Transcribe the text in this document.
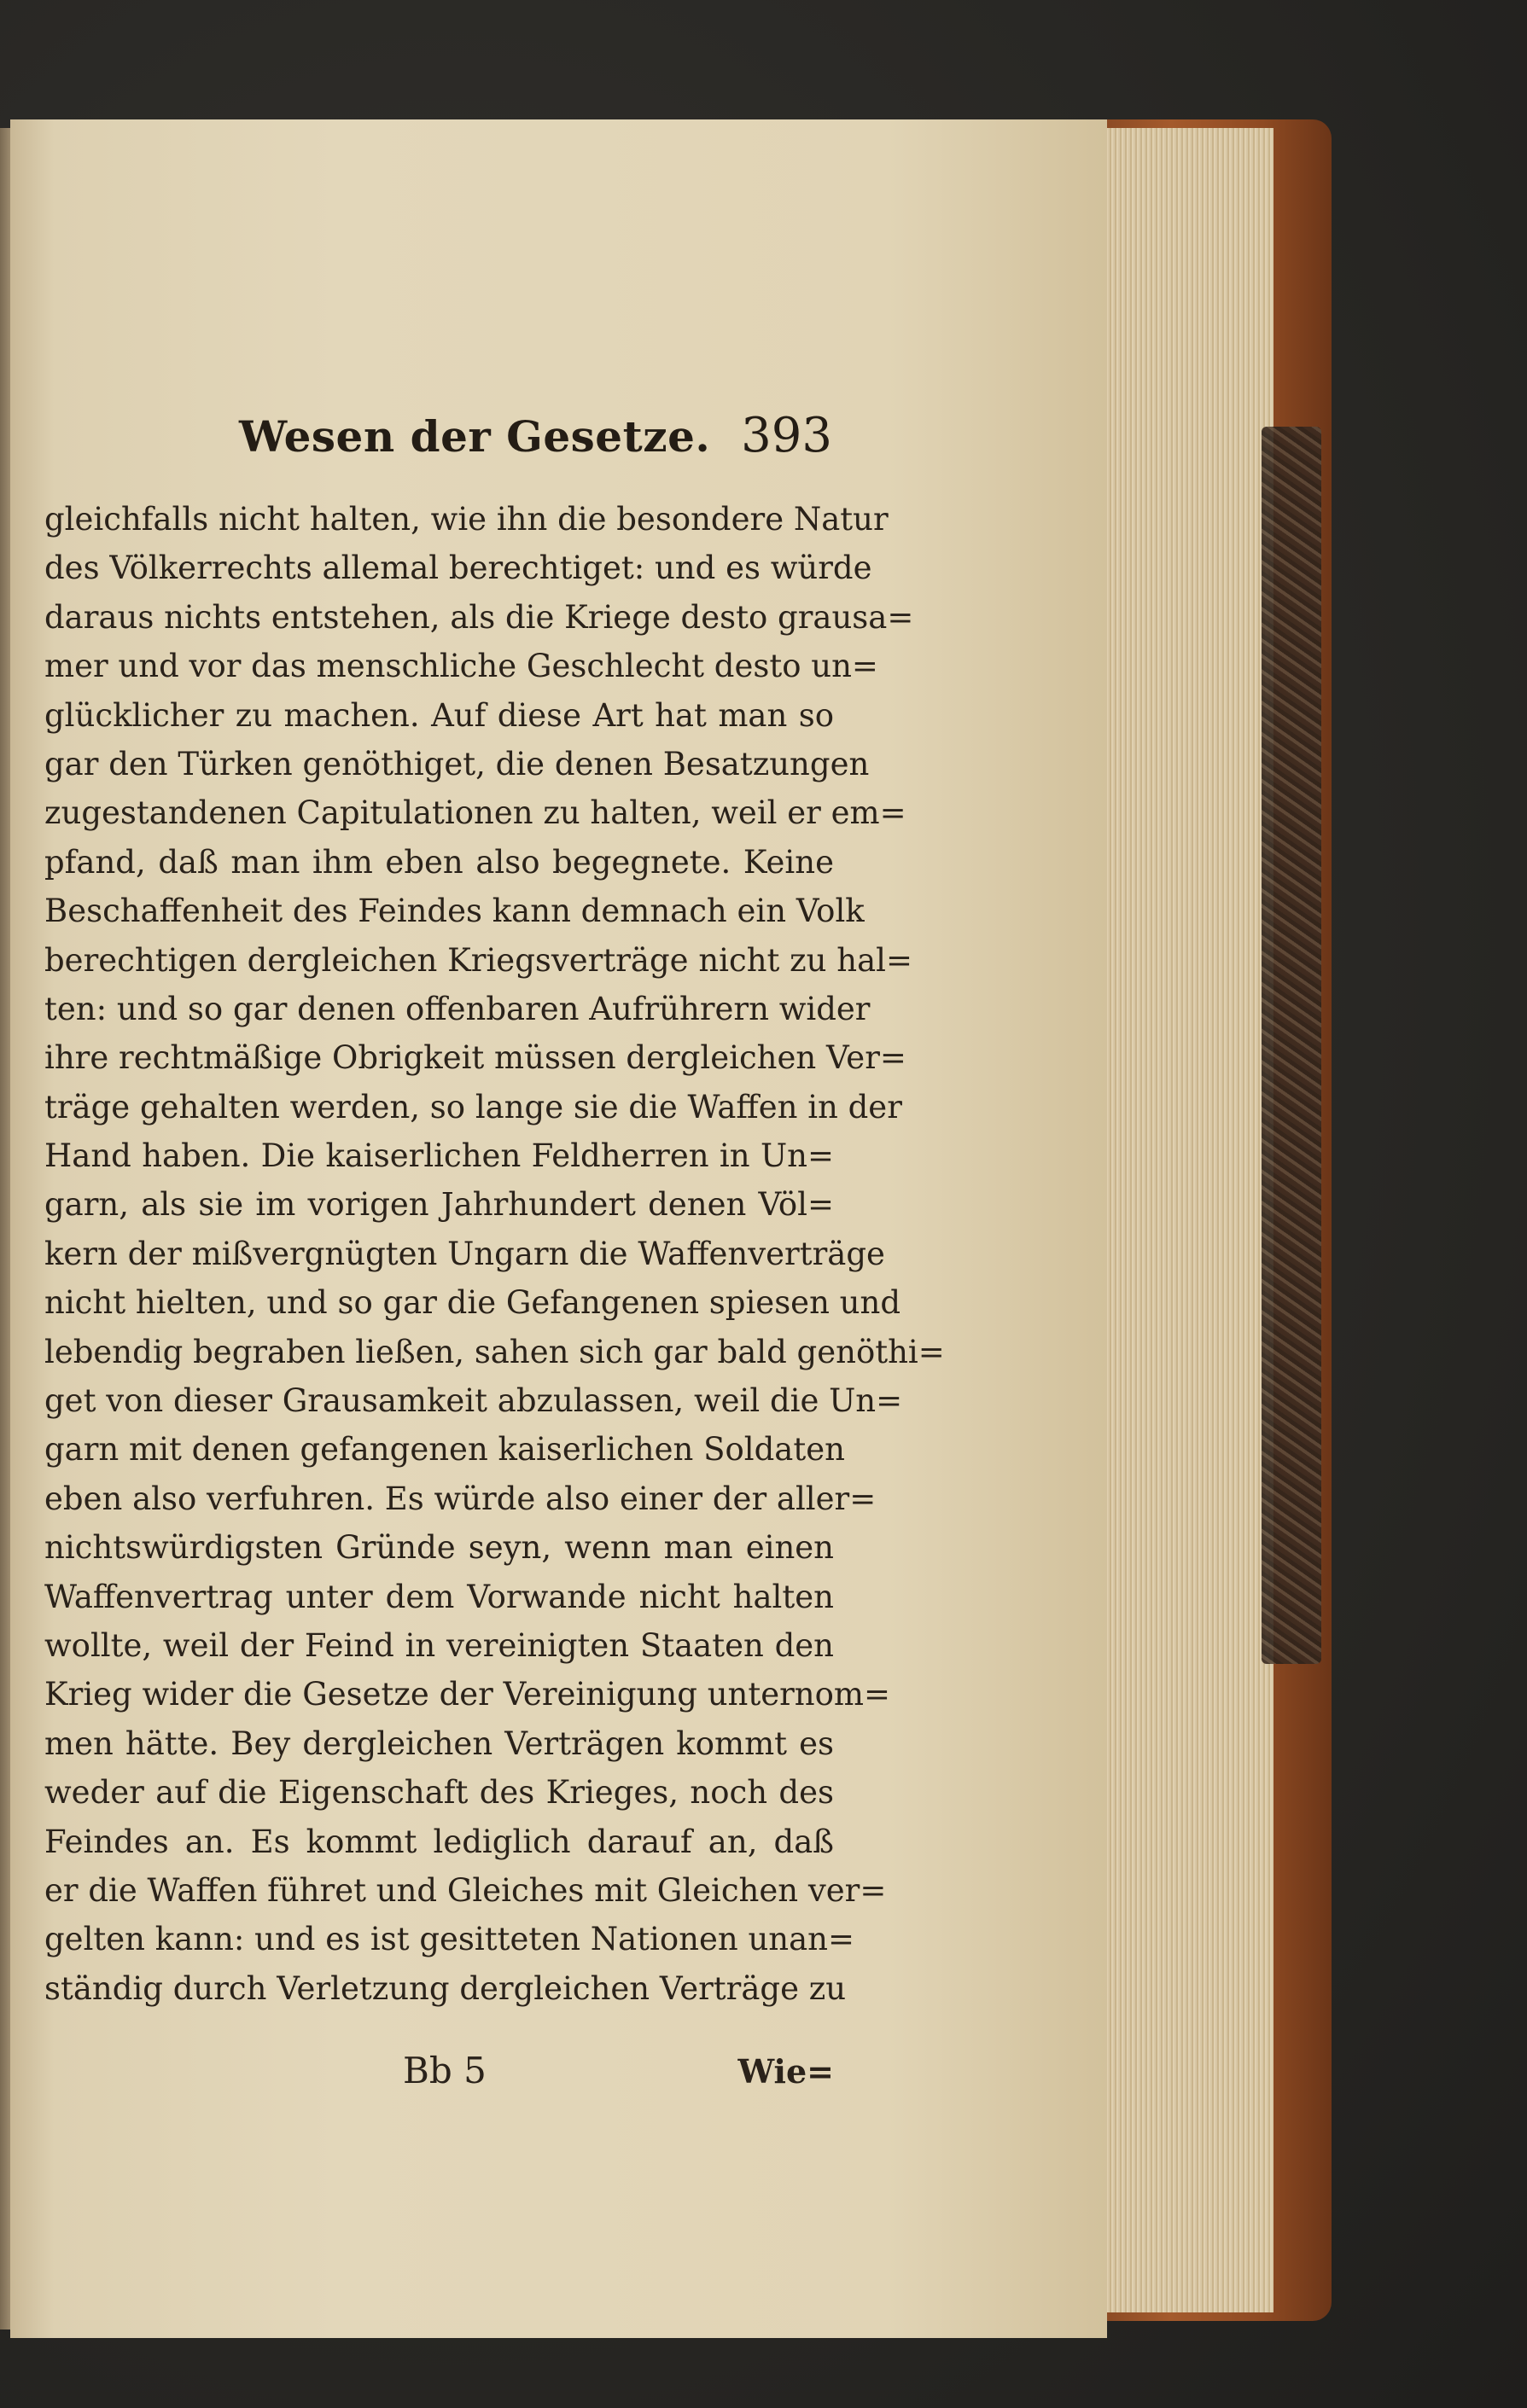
Wesen der Gesetze. 393
gleichfalls nicht halten, wie ihn die besondere Natur
des Völkerrechts allemal berechtiget: und es würde
daraus nichts entstehen, als die Kriege desto grausa=
mer und vor das menschliche Geschlecht desto un=
glücklicher zu machen. Auf diese Art hat man so
gar den Türken genöthiget, die denen Besatzungen
zugestandenen Capitulationen zu halten, weil er em=
pfand, daß man ihm eben also begegnete. Keine
Beschaffenheit des Feindes kann demnach ein Volk
berechtigen dergleichen Kriegsverträge nicht zu hal=
ten: und so gar denen offenbaren Aufrührern wider
ihre rechtmäßige Obrigkeit müssen dergleichen Ver=
träge gehalten werden, so lange sie die Waffen in der
Hand haben. Die kaiserlichen Feldherren in Un=
garn, als sie im vorigen Jahrhundert denen Völ=
kern der mißvergnügten Ungarn die Waffenverträge
nicht hielten, und so gar die Gefangenen spiesen und
lebendig begraben ließen, sahen sich gar bald genöthi=
get von dieser Grausamkeit abzulassen, weil die Un=
garn mit denen gefangenen kaiserlichen Soldaten
eben also verfuhren. Es würde also einer der aller=
nichtswürdigsten Gründe seyn, wenn man einen
Waffenvertrag unter dem Vorwande nicht halten
wollte, weil der Feind in vereinigten Staaten den
Krieg wider die Gesetze der Vereinigung unternom=
men hätte. Bey dergleichen Verträgen kommt es
weder auf die Eigenschaft des Krieges, noch des
Feindes an. Es kommt lediglich darauf an, daß
er die Waffen führet und Gleiches mit Gleichen ver=
gelten kann: und es ist gesitteten Nationen unan=
ständig durch Verletzung dergleichen Verträge zu
Bb 5	Wie=
